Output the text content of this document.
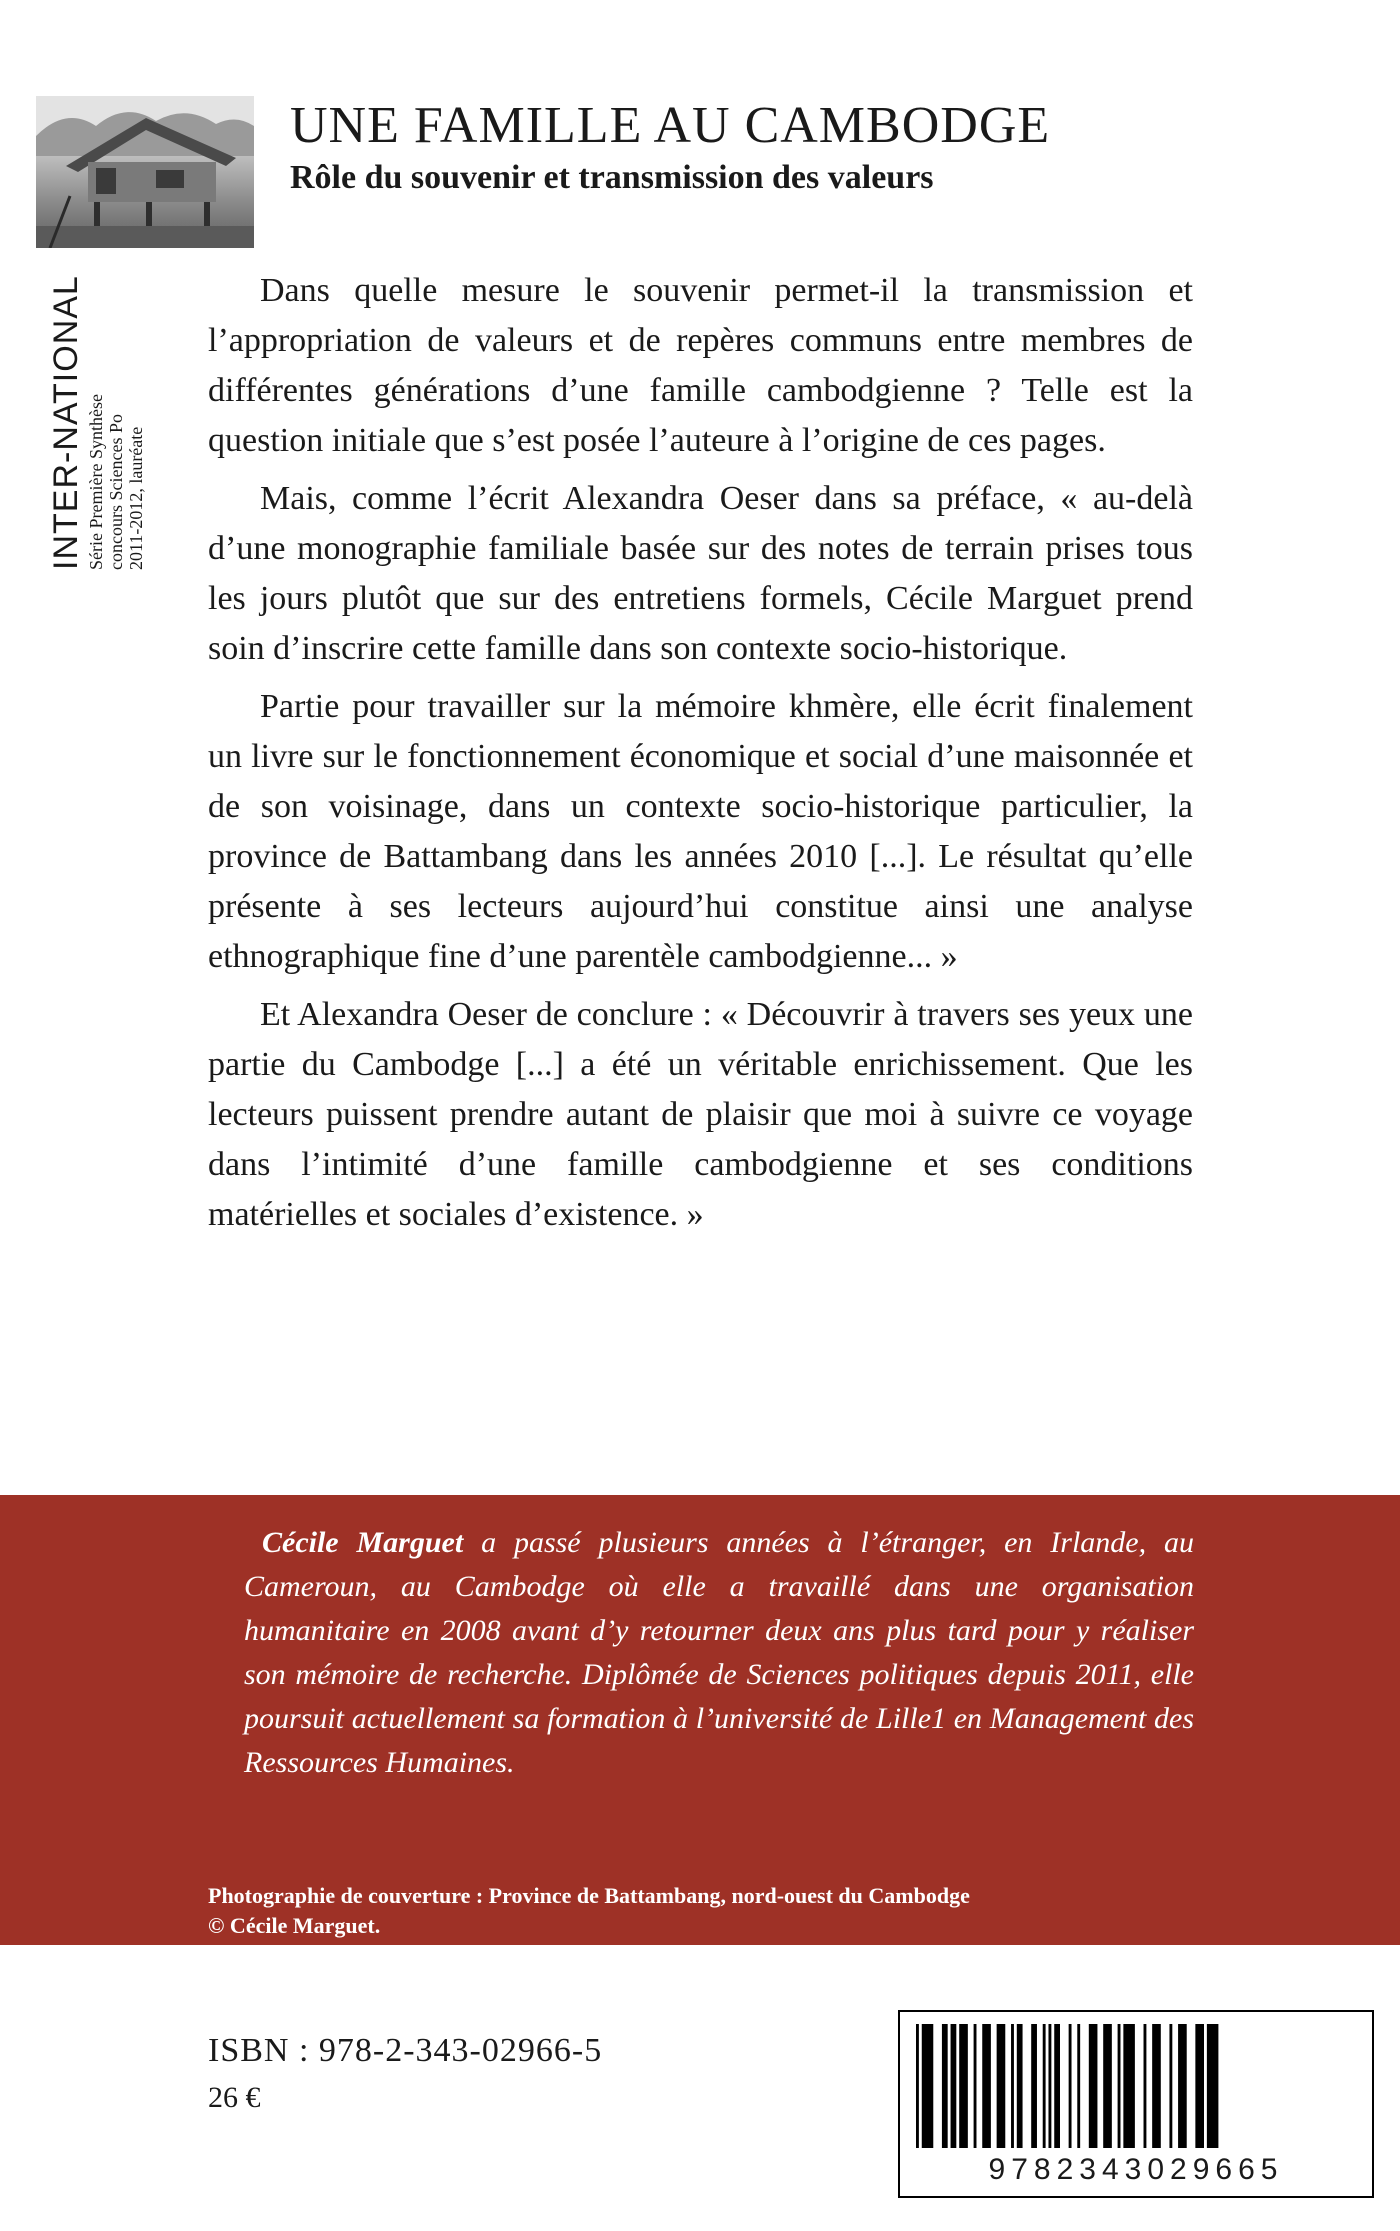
UNE FAMILLE AU CAMBODGE
Rôle du souvenir et transmission des valeurs
INTER-NATIONAL Série Première Synthèse concours Sciences Po 2011-2012, lauréate

Dans quelle mesure le souvenir permet-il la transmission et l’appropriation de valeurs et de repères communs entre membres de différentes générations d’une famille cambodgienne ? Telle est la question initiale que s’est posée l’auteure à l’origine de ces pages.

Mais, comme l’écrit Alexandra Oeser dans sa préface, « au-delà d’une monographie familiale basée sur des notes de terrain prises tous les jours plutôt que sur des entretiens formels, Cécile Marguet prend soin d’inscrire cette famille dans son contexte socio-historique.

Partie pour travailler sur la mémoire khmère, elle écrit finalement un livre sur le fonctionnement économique et social d’une maisonnée et de son voisinage, dans un contexte socio-historique particulier, la province de Battambang dans les années 2010 [...]. Le résultat qu’elle présente à ses lecteurs aujourd’hui constitue ainsi une analyse ethnographique fine d’une parentèle cambodgienne... »

Et Alexandra Oeser de conclure : « Découvrir à travers ses yeux une partie du Cambodge [...] a été un véritable enrichissement. Que les lecteurs puissent prendre autant de plaisir que moi à suivre ce voyage dans l’intimité d’une famille cambodgienne et ses conditions matérielles et sociales d’existence. »

Cécile Marguet a passé plusieurs années à l’étranger, en Irlande, au Cameroun, au Cambodge où elle a travaillé dans une organisation humanitaire en 2008 avant d’y retourner deux ans plus tard pour y réaliser son mémoire de recherche. Diplômée de Sciences politiques depuis 2011, elle poursuit actuellement sa formation à l’université de Lille1 en Management des Ressources Humaines.

Photographie de couverture : Province de Battambang, nord-ouest du Cambodge
© Cécile Marguet.

ISBN : 978-2-343-02966-5
26 €
9782343029665
